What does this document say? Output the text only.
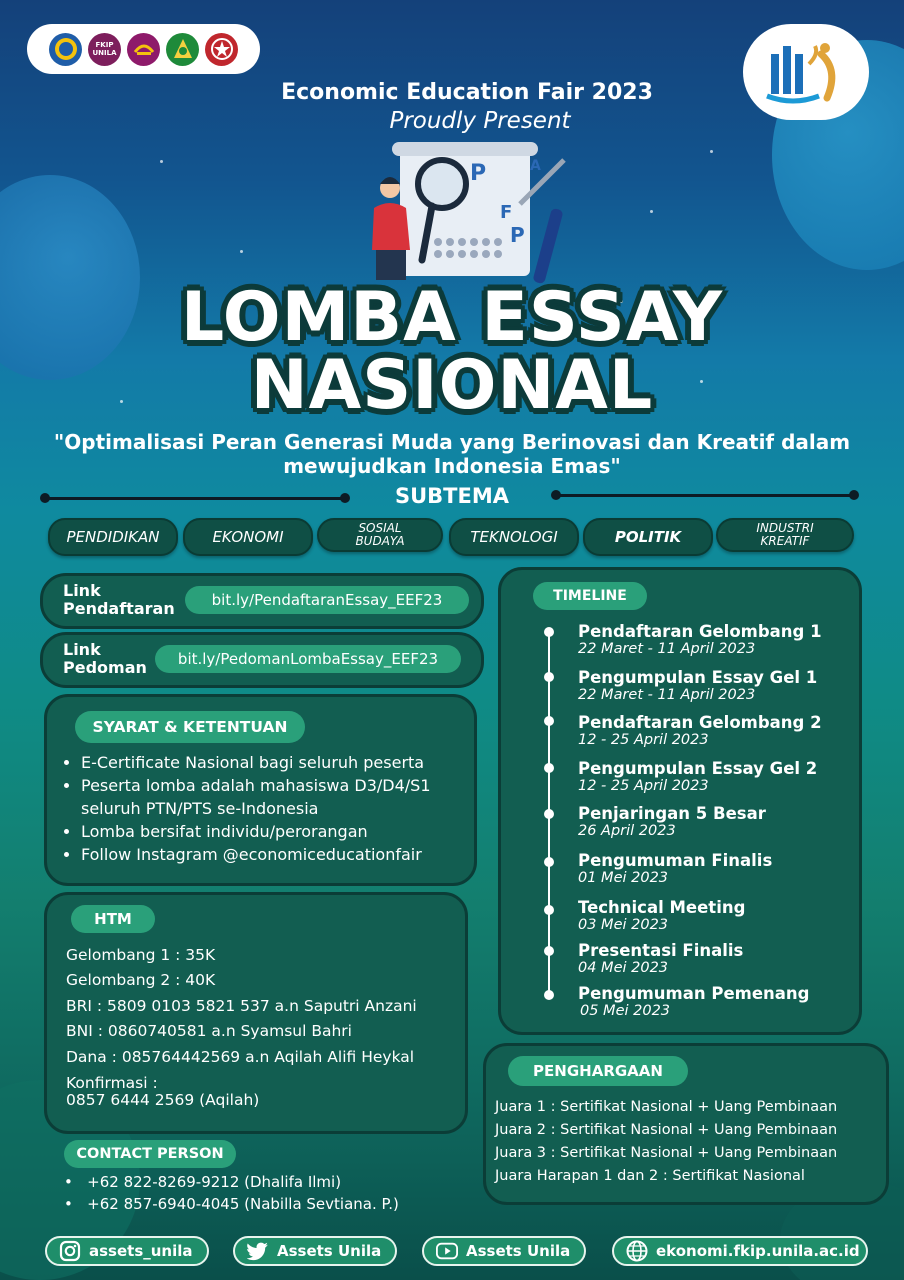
FKIP UNILA
Economic Education Fair 2023
Proudly Present
P
F
P
A
LOMBA ESSAY
NASIONAL
"Optimalisasi Peran Generasi Muda yang Berinovasi dan Kreatif dalam mewujudkan Indonesia Emas"
SUBTEMA
PENDIDIKAN	EKONOMI	SOSIAL BUDAYA	TEKNOLOGI	POLITIK	INDUSTRI KREATIF
Link Pendaftaran	bit.ly/PendaftaranEssay_EEF23
Link Pedoman	bit.ly/PedomanLombaEssay_EEF23
SYARAT & KETENTUAN
• E-Certificate Nasional bagi seluruh peserta
• Peserta lomba adalah mahasiswa D3/D4/S1 seluruh PTN/PTS se-Indonesia
• Lomba bersifat individu/perorangan
• Follow Instagram @economiceducationfair
HTM
Gelombang 1 : 35K
Gelombang 2 : 40K
BRI : 5809 0103 5821 537 a.n Saputri Anzani
BNI : 0860740581 a.n Syamsul Bahri
Dana : 085764442569 a.n Aqilah Alifi Heykal
Konfirmasi :
0857 6444 2569 (Aqilah)
TIMELINE
Pendaftaran Gelombang 1
22 Maret - 11 April 2023
Pengumpulan Essay Gel 1
22 Maret - 11 April 2023
Pendaftaran Gelombang 2
12 - 25 April 2023
Pengumpulan Essay Gel 2
12 - 25 April 2023
Penjaringan 5 Besar
26 April 2023
Pengumuman Finalis
01 Mei 2023
Technical Meeting
03 Mei 2023
Presentasi Finalis
04 Mei 2023
Pengumuman Pemenang
05 Mei 2023
PENGHARGAAN
Juara 1 : Sertifikat Nasional + Uang Pembinaan
Juara 2 : Sertifikat Nasional + Uang Pembinaan
Juara 3 : Sertifikat Nasional + Uang Pembinaan
Juara Harapan 1 dan 2 : Sertifikat Nasional
CONTACT PERSON
•   +62 822-8269-9212 (Dhalifa Ilmi)
•   +62 857-6940-4045 (Nabilla Sevtiana. P.)
assets_unila	Assets Unila	Assets Unila	ekonomi.fkip.unila.ac.id
